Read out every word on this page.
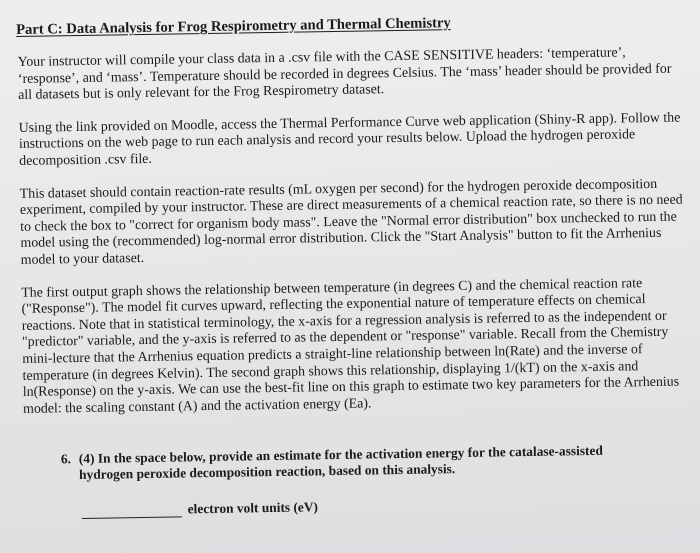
Part C: Data Analysis for Frog Respirometry and Thermal Chemistry

Your instructor will compile your class data in a .csv file with the CASE SENSITIVE headers: ‘temperature’, ‘response’, and ‘mass’. Temperature should be recorded in degrees Celsius. The ‘mass’ header should be provided for all datasets but is only relevant for the Frog Respirometry dataset.

Using the link provided on Moodle, access the Thermal Performance Curve web application (Shiny-R app). Follow the instructions on the web page to run each analysis and record your results below. Upload the hydrogen peroxide decomposition .csv file.

This dataset should contain reaction-rate results (mL oxygen per second) for the hydrogen peroxide decomposition experiment, compiled by your instructor. These are direct measurements of a chemical reaction rate, so there is no need to check the box to "correct for organism body mass". Leave the "Normal error distribution" box unchecked to run the model using the (recommended) log-normal error distribution. Click the "Start Analysis" button to fit the Arrhenius model to your dataset.

The first output graph shows the relationship between temperature (in degrees C) and the chemical reaction rate ("Response"). The model fit curves upward, reflecting the exponential nature of temperature effects on chemical reactions. Note that in statistical terminology, the x-axis for a regression analysis is referred to as the independent or "predictor" variable, and the y-axis is referred to as the dependent or "response" variable. Recall from the Chemistry mini-lecture that the Arrhenius equation predicts a straight-line relationship between ln(Rate) and the inverse of temperature (in degrees Kelvin). The second graph shows this relationship, displaying 1/(kT) on the x-axis and ln(Response) on the y-axis. We can use the best-fit line on this graph to estimate two key parameters for the Arrhenius model: the scaling constant (A) and the activation energy (Ea).

6. (4) In the space below, provide an estimate for the activation energy for the catalase-assisted hydrogen peroxide decomposition reaction, based on this analysis.
electron volt units (eV)
